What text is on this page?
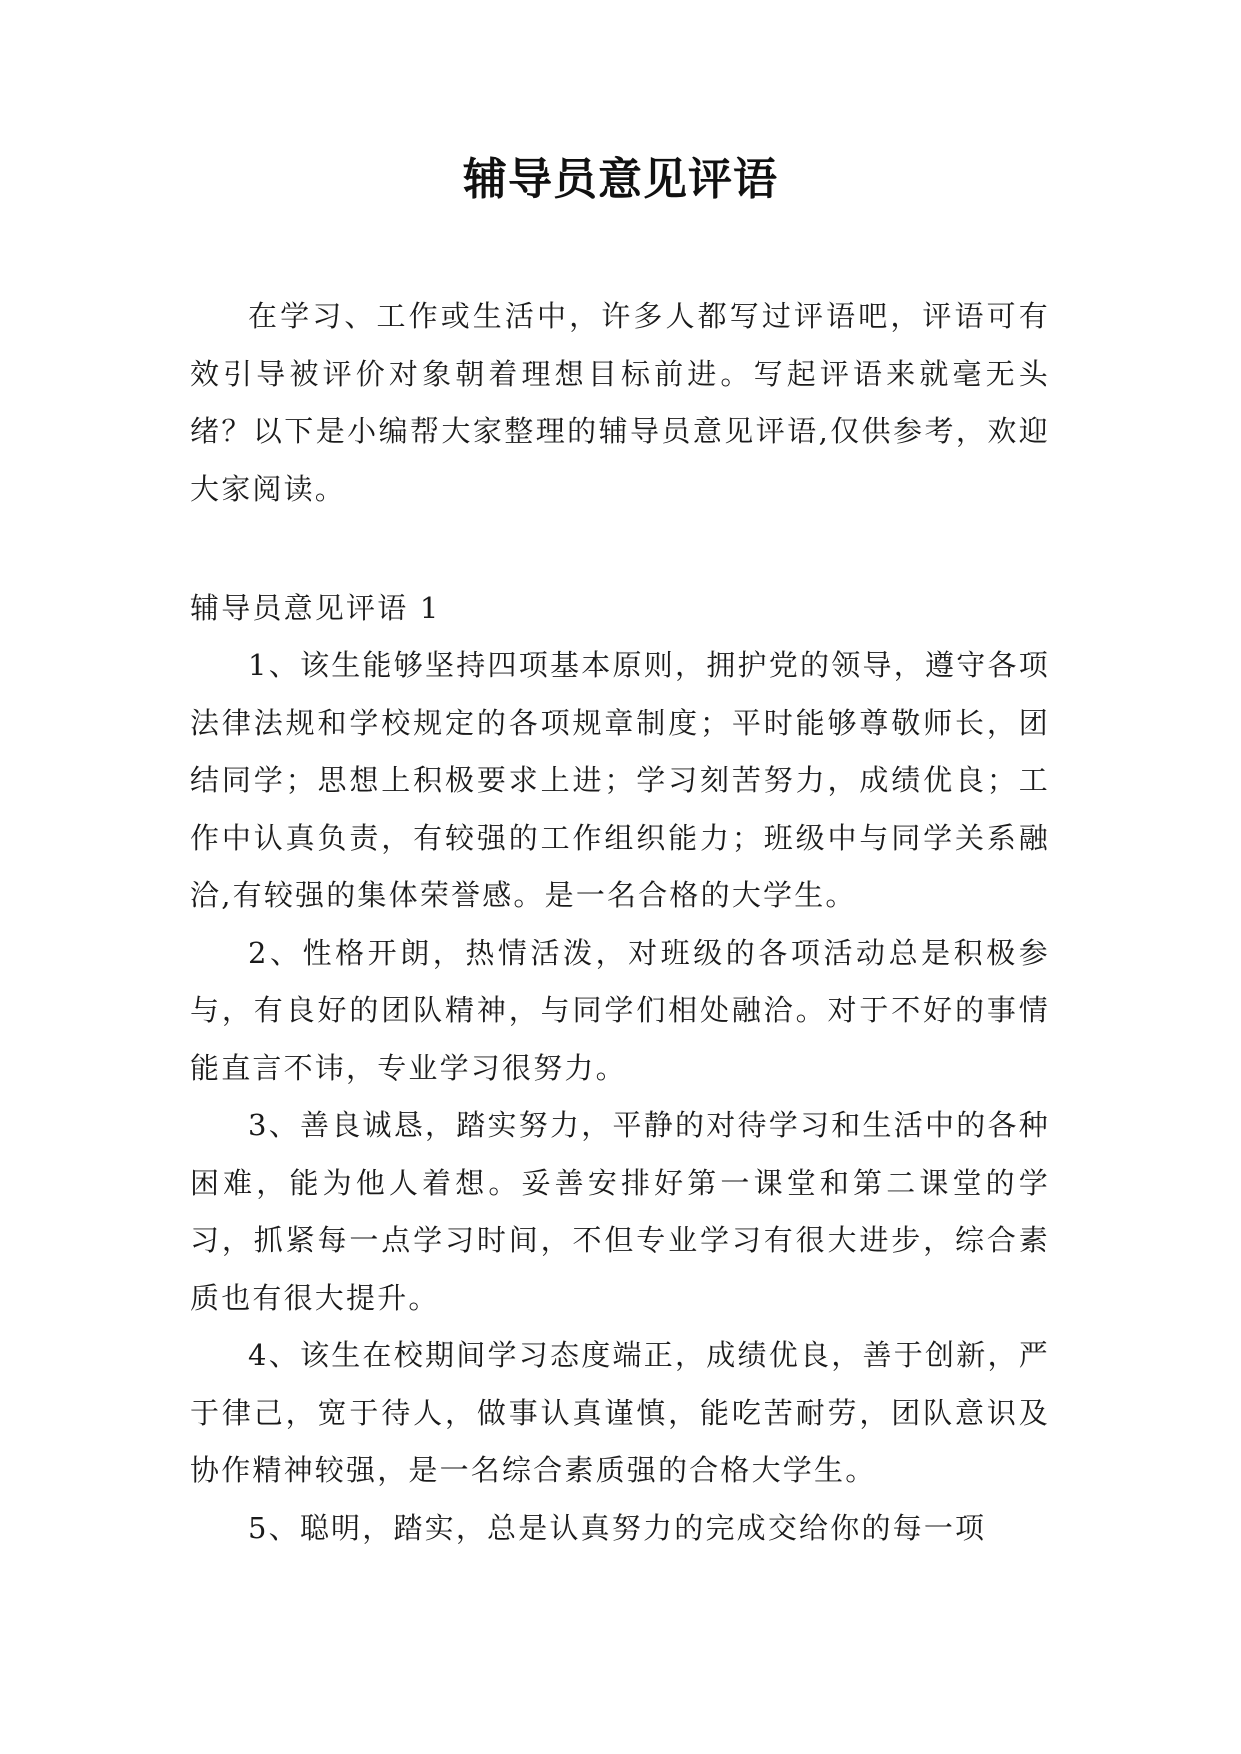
辅导员意见评语

在学习、工作或生活中，许多人都写过评语吧，评语可有效引导被评价对象朝着理想目标前进。写起评语来就毫无头绪？以下是小编帮大家整理的辅导员意见评语,仅供参考，欢迎大家阅读。

辅导员意见评语 1

1、该生能够坚持四项基本原则，拥护党的领导，遵守各项法律法规和学校规定的各项规章制度；平时能够尊敬师长，团结同学；思想上积极要求上进；学习刻苦努力，成绩优良；工作中认真负责，有较强的工作组织能力；班级中与同学关系融洽,有较强的集体荣誉感。是一名合格的大学生。

2、性格开朗，热情活泼，对班级的各项活动总是积极参与，有良好的团队精神，与同学们相处融洽。对于不好的事情能直言不讳，专业学习很努力。

3、善良诚恳，踏实努力，平静的对待学习和生活中的各种困难，能为他人着想。妥善安排好第一课堂和第二课堂的学习，抓紧每一点学习时间，不但专业学习有很大进步，综合素质也有很大提升。

4、该生在校期间学习态度端正，成绩优良，善于创新，严于律己，宽于待人，做事认真谨慎，能吃苦耐劳，团队意识及协作精神较强，是一名综合素质强的合格大学生。

5、聪明，踏实，总是认真努力的完成交给你的每一项
